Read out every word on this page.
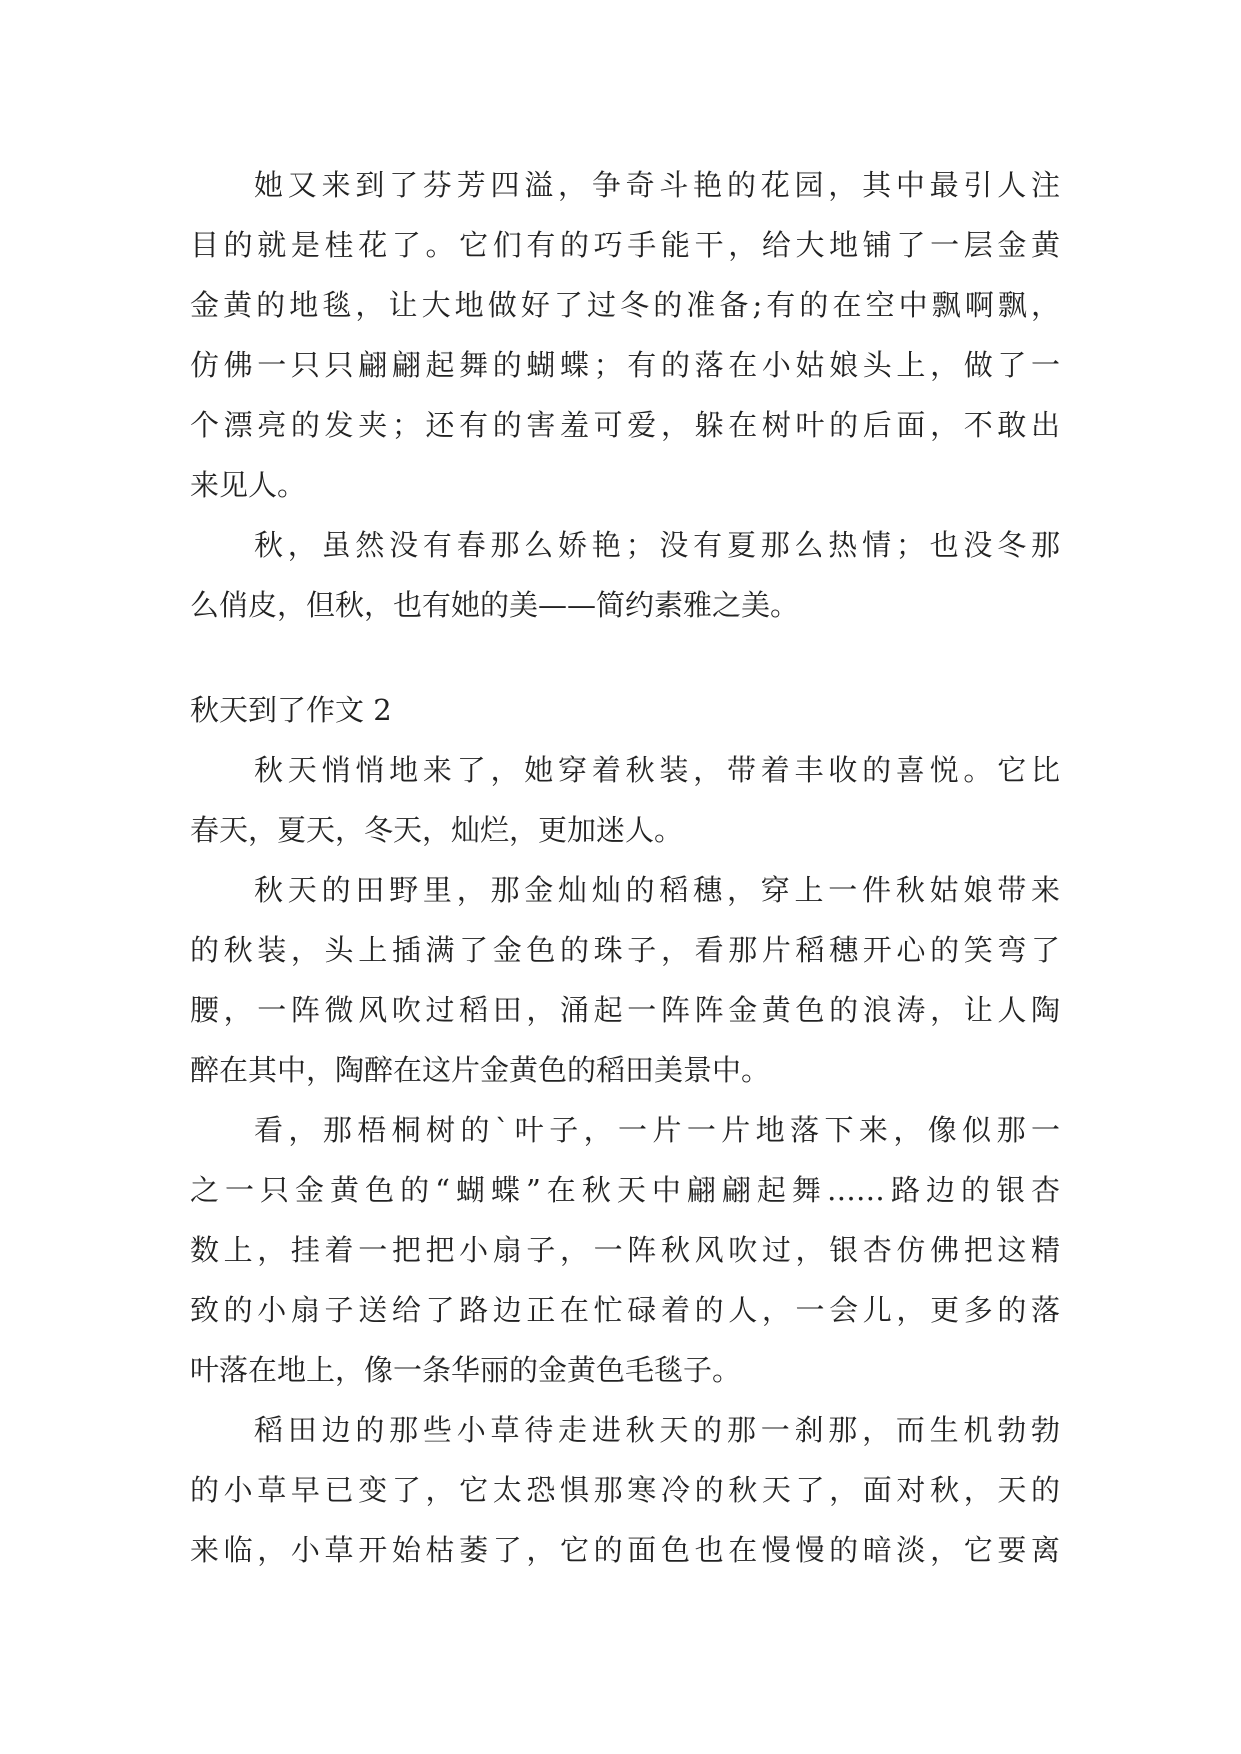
她又来到了芬芳四溢，争奇斗艳的花园，其中最引人注
目的就是桂花了。它们有的巧手能干，给大地铺了一层金黄
金黄的地毯，让大地做好了过冬的准备;有的在空中飘啊飘，
仿佛一只只翩翩起舞的蝴蝶；有的落在小姑娘头上，做了一
个漂亮的发夹；还有的害羞可爱，躲在树叶的后面，不敢出
来见人。
秋，虽然没有春那么娇艳；没有夏那么热情；也没冬那
么俏皮，但秋，也有她的美——简约素雅之美。
秋天到了作文 2
秋天悄悄地来了，她穿着秋装，带着丰收的喜悦。它比
春天，夏天，冬天，灿烂，更加迷人。
秋天的田野里，那金灿灿的稻穗，穿上一件秋姑娘带来
的秋装，头上插满了金色的珠子，看那片稻穗开心的笑弯了
腰，一阵微风吹过稻田，涌起一阵阵金黄色的浪涛，让人陶
醉在其中，陶醉在这片金黄色的稻田美景中。
看，那梧桐树的`叶子，一片一片地落下来，像似那一
之一只金黄色的“蝴蝶”在秋天中翩翩起舞……路边的银杏
数上，挂着一把把小扇子，一阵秋风吹过，银杏仿佛把这精
致的小扇子送给了路边正在忙碌着的人，一会儿，更多的落
叶落在地上，像一条华丽的金黄色毛毯子。
稻田边的那些小草待走进秋天的那一刹那，而生机勃勃
的小草早已变了，它太恐惧那寒冷的秋天了，面对秋，天的
来临，小草开始枯萎了，它的面色也在慢慢的暗淡，它要离
